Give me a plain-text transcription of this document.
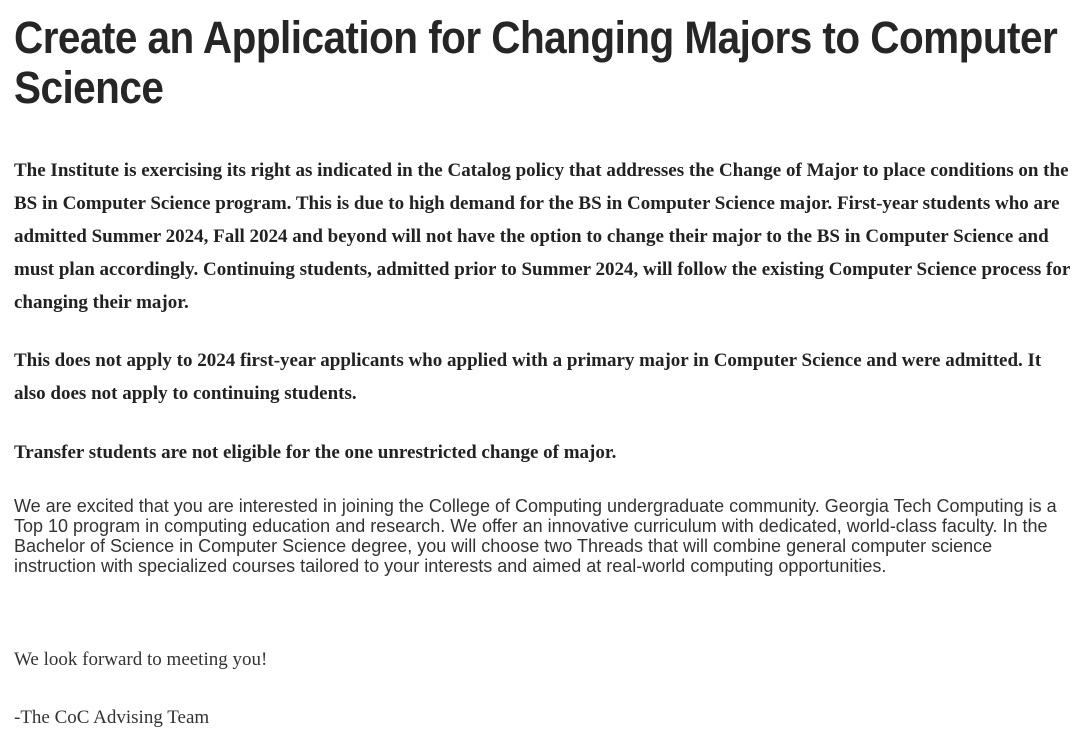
Create an Application for Changing Majors to Computer Science

The Institute is exercising its right as indicated in the Catalog policy that addresses the Change of Major to place conditions on the BS in Computer Science program. This is due to high demand for the BS in Computer Science major. First-year students who are admitted Summer 2024, Fall 2024 and beyond will not have the option to change their major to the BS in Computer Science and must plan accordingly. Continuing students, admitted prior to Summer 2024, will follow the existing Computer Science process for changing their major.

This does not apply to 2024 first-year applicants who applied with a primary major in Computer Science and were admitted. It also does not apply to continuing students.

Transfer students are not eligible for the one unrestricted change of major.

We are excited that you are interested in joining the College of Computing undergraduate community. Georgia Tech Computing is a Top 10 program in computing education and research. We offer an innovative curriculum with dedicated, world-class faculty. In the Bachelor of Science in Computer Science degree, you will choose two Threads that will combine general computer science instruction with specialized courses tailored to your interests and aimed at real-world computing opportunities.

We look forward to meeting you!

-The CoC Advising Team
